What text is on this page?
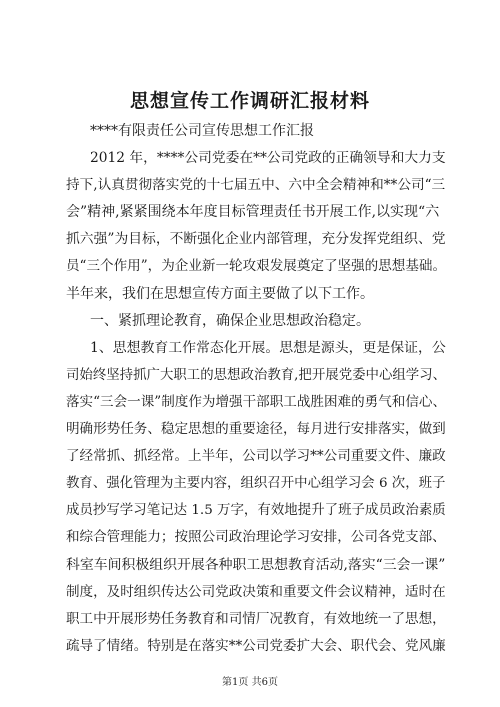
思想宣传工作调研汇报材料
****有限责任公司宣传思想工作汇报
2012 年，****公司党委在**公司党政的正确领导和大力支
持下,认真贯彻落实党的十七届五中、六中全会精神和**公司“三
会”精神,紧紧围绕本年度目标管理责任书开展工作,以实现“六
抓六强”为目标，不断强化企业内部管理，充分发挥党组织、党
员“三个作用”，为企业新一轮攻艰发展奠定了坚强的思想基础。
半年来，我们在思想宣传方面主要做了以下工作。
一、紧抓理论教育，确保企业思想政治稳定。
1、思想教育工作常态化开展。思想是源头，更是保证，公
司始终坚持抓广大职工的思想政治教育,把开展党委中心组学习、
落实“三会一课”制度作为增强干部职工战胜困难的勇气和信心、
明确形势任务、稳定思想的重要途径，每月进行安排落实，做到
了经常抓、抓经常。上半年，公司以学习**公司重要文件、廉政
教育、强化管理为主要内容，组织召开中心组学习会 6 次，班子
成员抄写学习笔记达 1.5 万字，有效地提升了班子成员政治素质
和综合管理能力；按照公司政治理论学习安排，公司各党支部、
科室车间积极组织开展各种职工思想教育活动,落实“三会一课”
制度，及时组织传达公司党政决策和重要文件会议精神，适时在
职工中开展形势任务教育和司情厂况教育，有效地统一了思想，
疏导了情绪。特别是在落实**公司党委扩大会、职代会、党风廉
第1页 共6页
